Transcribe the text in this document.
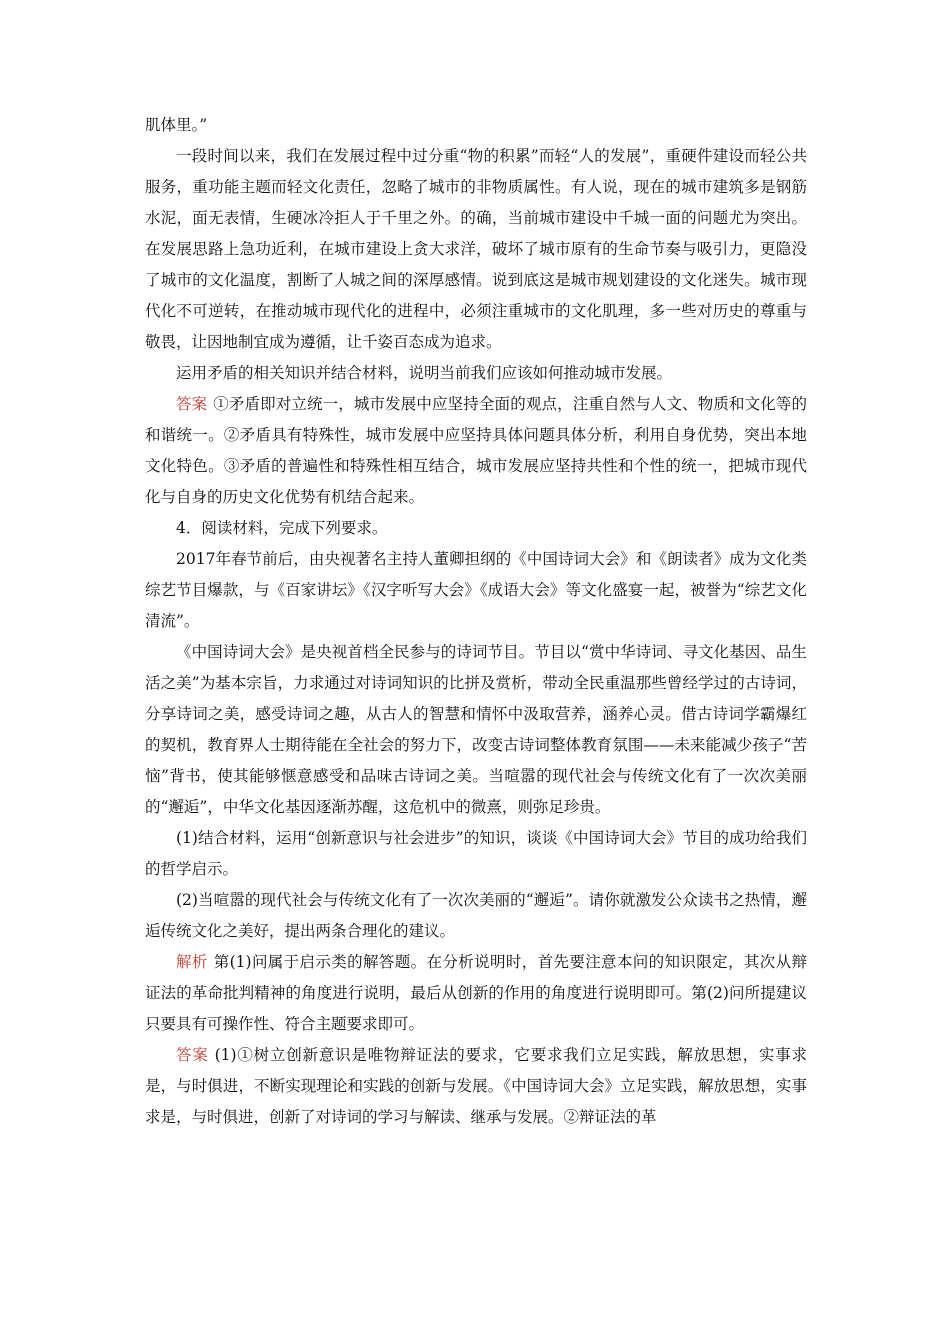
肌体里。”

一段时间以来，我们在发展过程中过分重“物的积累”而轻“人的发展”，重硬件建设而轻公共服务，重功能主题而轻文化责任，忽略了城市的非物质属性。有人说，现在的城市建筑多是钢筋水泥，面无表情，生硬冰冷拒人于千里之外。的确，当前城市建设中千城一面的问题尤为突出。在发展思路上急功近利，在城市建设上贪大求洋，破坏了城市原有的生命节奏与吸引力，更隐没了城市的文化温度，割断了人城之间的深厚感情。说到底这是城市规划建设的文化迷失。城市现代化不可逆转，在推动城市现代化的进程中，必须注重城市的文化肌理，多一些对历史的尊重与敬畏，让因地制宜成为遵循，让千姿百态成为追求。

运用矛盾的相关知识并结合材料，说明当前我们应该如何推动城市发展。

答案 ①矛盾即对立统一，城市发展中应坚持全面的观点，注重自然与人文、物质和文化等的和谐统一。②矛盾具有特殊性，城市发展中应坚持具体问题具体分析，利用自身优势，突出本地文化特色。③矛盾的普遍性和特殊性相互结合，城市发展应坚持共性和个性的统一，把城市现代化与自身的历史文化优势有机结合起来。

4．阅读材料，完成下列要求。

2017年春节前后，由央视著名主持人董卿担纲的《中国诗词大会》和《朗读者》成为文化类综艺节目爆款，与《百家讲坛》《汉字听写大会》《成语大会》等文化盛宴一起，被誉为“综艺文化清流”。

《中国诗词大会》是央视首档全民参与的诗词节目。节目以“赏中华诗词、寻文化基因、品生活之美”为基本宗旨，力求通过对诗词知识的比拼及赏析，带动全民重温那些曾经学过的古诗词，分享诗词之美，感受诗词之趣，从古人的智慧和情怀中汲取营养，涵养心灵。借古诗词学霸爆红的契机，教育界人士期待能在全社会的努力下，改变古诗词整体教育氛围——未来能减少孩子“苦恼”背书，使其能够惬意感受和品味古诗词之美。当喧嚣的现代社会与传统文化有了一次次美丽的“邂逅”，中华文化基因逐渐苏醒，这危机中的微熹，则弥足珍贵。

(1)结合材料，运用“创新意识与社会进步”的知识，谈谈《中国诗词大会》节目的成功给我们的哲学启示。

(2)当喧嚣的现代社会与传统文化有了一次次美丽的“邂逅”。请你就激发公众读书之热情，邂逅传统文化之美好，提出两条合理化的建议。

解析 第(1)问属于启示类的解答题。在分析说明时，首先要注意本问的知识限定，其次从辩证法的革命批判精神的角度进行说明，最后从创新的作用的角度进行说明即可。第(2)问所提建议只要具有可操作性、符合主题要求即可。

答案 (1)①树立创新意识是唯物辩证法的要求，它要求我们立足实践，解放思想，实事求是，与时俱进，不断实现理论和实践的创新与发展。《中国诗词大会》立足实践，解放思想，实事求是，与时俱进，创新了对诗词的学习与解读、继承与发展。②辩证法的革
